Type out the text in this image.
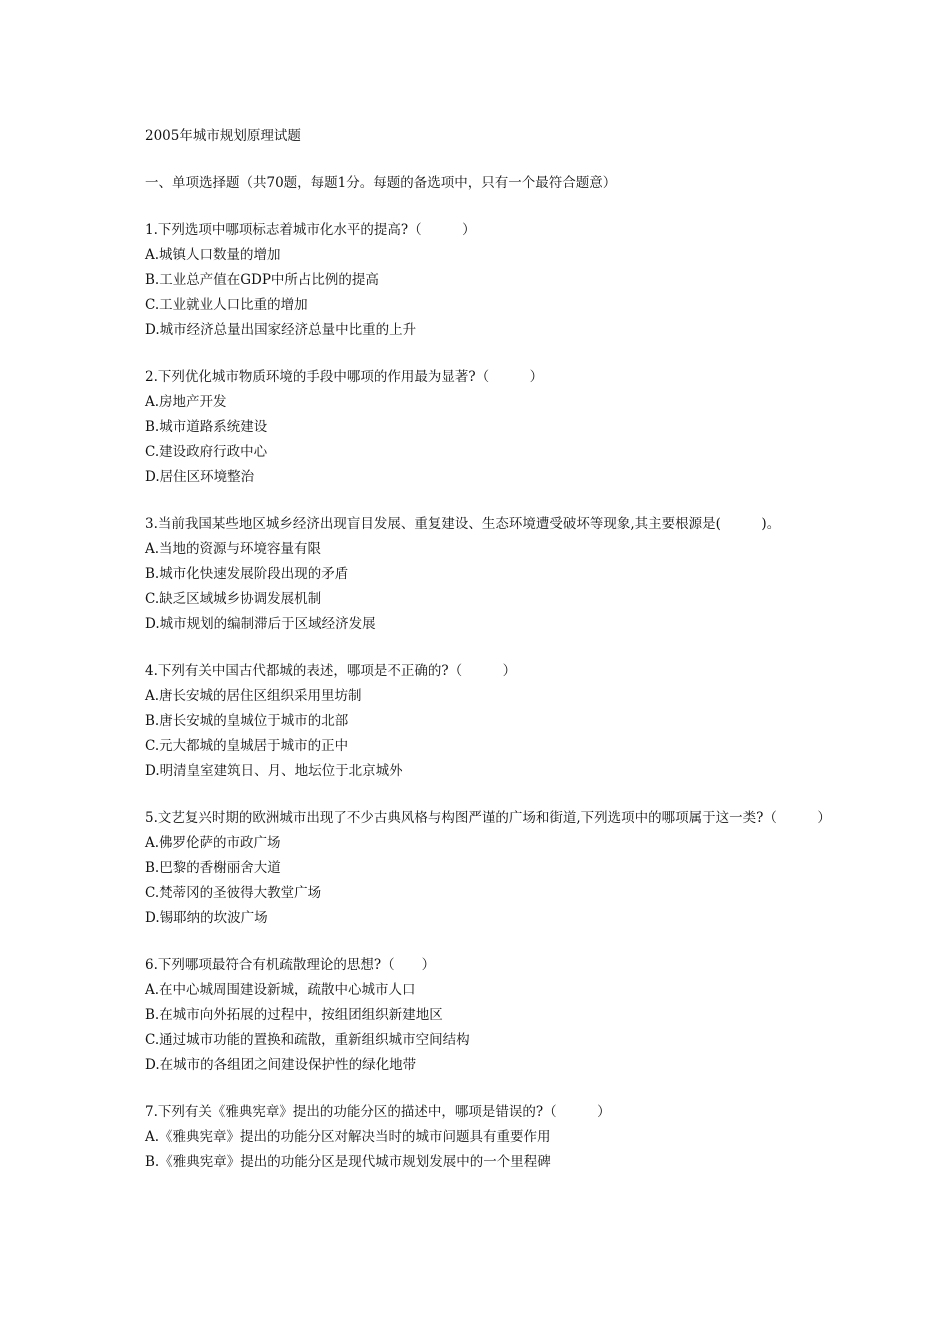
2005年城市规划原理试题
一、单项选择题（共70题，每题1分。每题的备选项中，只有一个最符合题意）
1.下列选项中哪项标志着城市化水平的提高?（　　　）
A.城镇人口数量的增加
B.工业总产值在GDP中所占比例的提高
C.工业就业人口比重的增加
D.城市经济总量出国家经济总量中比重的上升
2.下列优化城市物质环境的手段中哪项的作用最为显著?（　　　）
A.房地产开发
B.城市道路系统建设
C.建设政府行政中心
D.居住区环境整治
3.当前我国某些地区城乡经济出现盲目发展、重复建设、生态环境遭受破坏等现象,其主要根源是(　　　)。
A.当地的资源与环境容量有限
B.城市化快速发展阶段出现的矛盾
C.缺乏区域城乡协调发展机制
D.城市规划的编制滞后于区域经济发展
4.下列有关中国古代都城的表述，哪项是不正确的?（　　　）
A.唐长安城的居住区组织采用里坊制
B.唐长安城的皇城位于城市的北部
C.元大都城的皇城居于城市的正中
D.明清皇室建筑日、月、地坛位于北京城外
5.文艺复兴时期的欧洲城市出现了不少古典风格与构图严谨的广场和街道,下列选项中的哪项属于这一类?（　　　）
A.佛罗伦萨的市政广场
B.巴黎的香榭丽舍大道
C.梵蒂冈的圣彼得大教堂广场
D.锡耶纳的坎波广场
6.下列哪项最符合有机疏散理论的思想?（　　）
A.在中心城周围建设新城，疏散中心城市人口
B.在城市向外拓展的过程中，按组团组织新建地区
C.通过城市功能的置换和疏散，重新组织城市空间结构
D.在城市的各组团之间建设保护性的绿化地带
7.下列有关《雅典宪章》提出的功能分区的描述中，哪项是错误的?（　　　）
A.《雅典宪章》提出的功能分区对解决当时的城市问题具有重要作用
B.《雅典宪章》提出的功能分区是现代城市规划发展中的一个里程碑
